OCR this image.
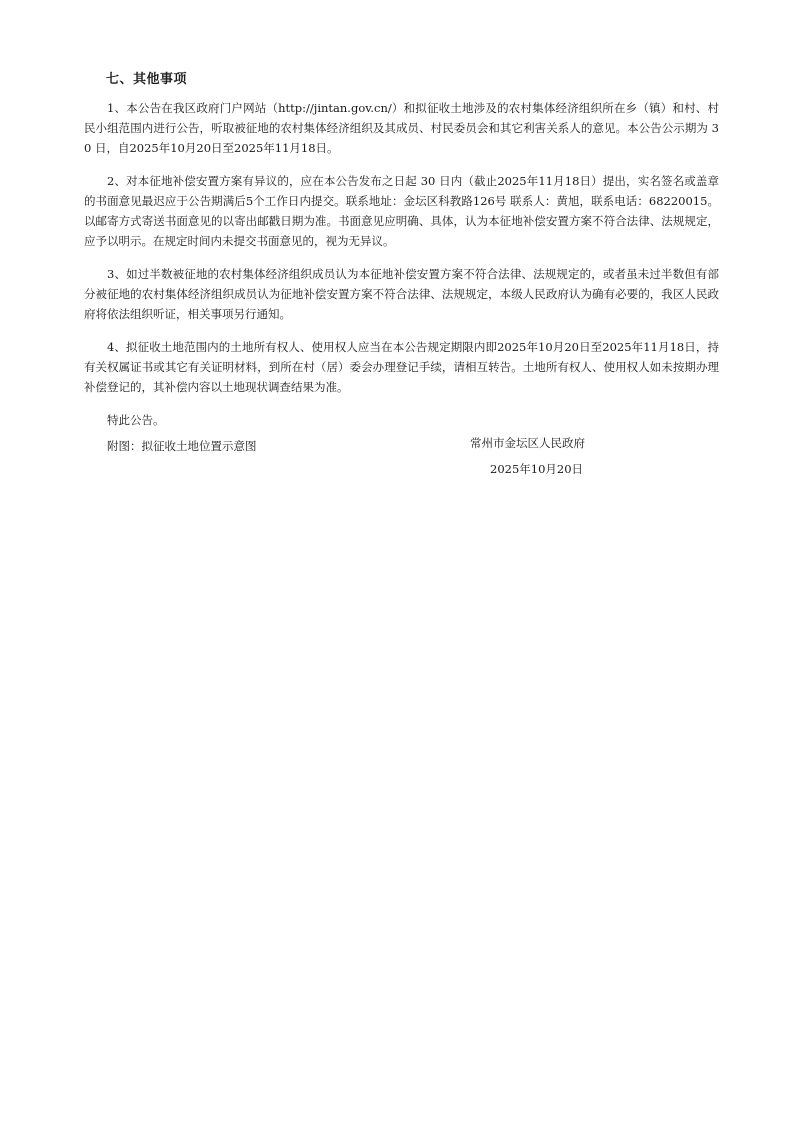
七、其他事项

1、本公告在我区政府门户网站（http://jintan.gov.cn/）和拟征收土地涉及的农村集体经济组织所在乡（镇）和村、村民小组范围内进行公告，听取被征地的农村集体经济组织及其成员、村民委员会和其它利害关系人的意见。本公告公示期为 30 日，自2025年10月20日至2025年11月18日。

2、对本征地补偿安置方案有异议的，应在本公告发布之日起 30 日内（截止2025年11月18日）提出，实名签名或盖章的书面意见最迟应于公告期满后5个工作日内提交。联系地址：金坛区科教路126号 联系人：黄旭，联系电话：68220015。以邮寄方式寄送书面意见的以寄出邮戳日期为准。书面意见应明确、具体，认为本征地补偿安置方案不符合法律、法规规定，应予以明示。在规定时间内未提交书面意见的，视为无异议。

3、如过半数被征地的农村集体经济组织成员认为本征地补偿安置方案不符合法律、法规规定的，或者虽未过半数但有部分被征地的农村集体经济组织成员认为征地补偿安置方案不符合法律、法规规定，本级人民政府认为确有必要的，我区人民政府将依法组织听证，相关事项另行通知。

4、拟征收土地范围内的土地所有权人、使用权人应当在本公告规定期限内即2025年10月20日至2025年11月18日，持有关权属证书或其它有关证明材料，到所在村（居）委会办理登记手续，请相互转告。土地所有权人、使用权人如未按期办理补偿登记的，其补偿内容以土地现状调查结果为准。

特此公告。

附图：拟征收土地位置示意图	常州市金坛区人民政府
2025年10月20日
